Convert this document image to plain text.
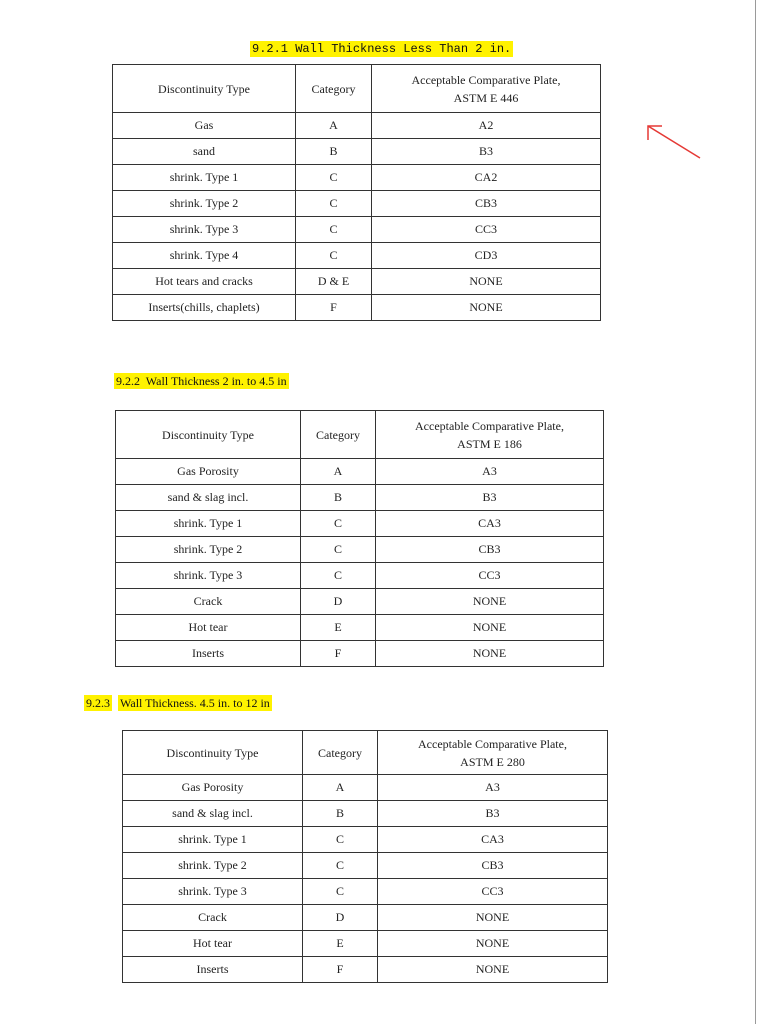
9.2.1 Wall Thickness Less Than 2 in.
Discontinuity Type	Category	Acceptable Comparative Plate,
ASTM E 446
Gas	A	A2
sand	B	B3
shrink. Type 1	C	CA2
shrink. Type 2	C	CB3
shrink. Type 3	C	CC3
shrink. Type 4	C	CD3
Hot tears and cracks	D & E	NONE
Inserts(chills, chaplets)	F	NONE
9.2.2 Wall Thickness 2 in. to 4.5 in
Discontinuity Type	Category	Acceptable Comparative Plate,
ASTM E 186
Gas Porosity	A	A3
sand & slag incl.	B	B3
shrink. Type 1	C	CA3
shrink. Type 2	C	CB3
shrink. Type 3	C	CC3
Crack	D	NONE
Hot tear	E	NONE
Inserts	F	NONE
9.2.3 Wall Thickness. 4.5 in. to 12 in
Discontinuity Type	Category	Acceptable Comparative Plate,
ASTM E 280
Gas Porosity	A	A3
sand & slag incl.	B	B3
shrink. Type 1	C	CA3
shrink. Type 2	C	CB3
shrink. Type 3	C	CC3
Crack	D	NONE
Hot tear	E	NONE
Inserts	F	NONE
